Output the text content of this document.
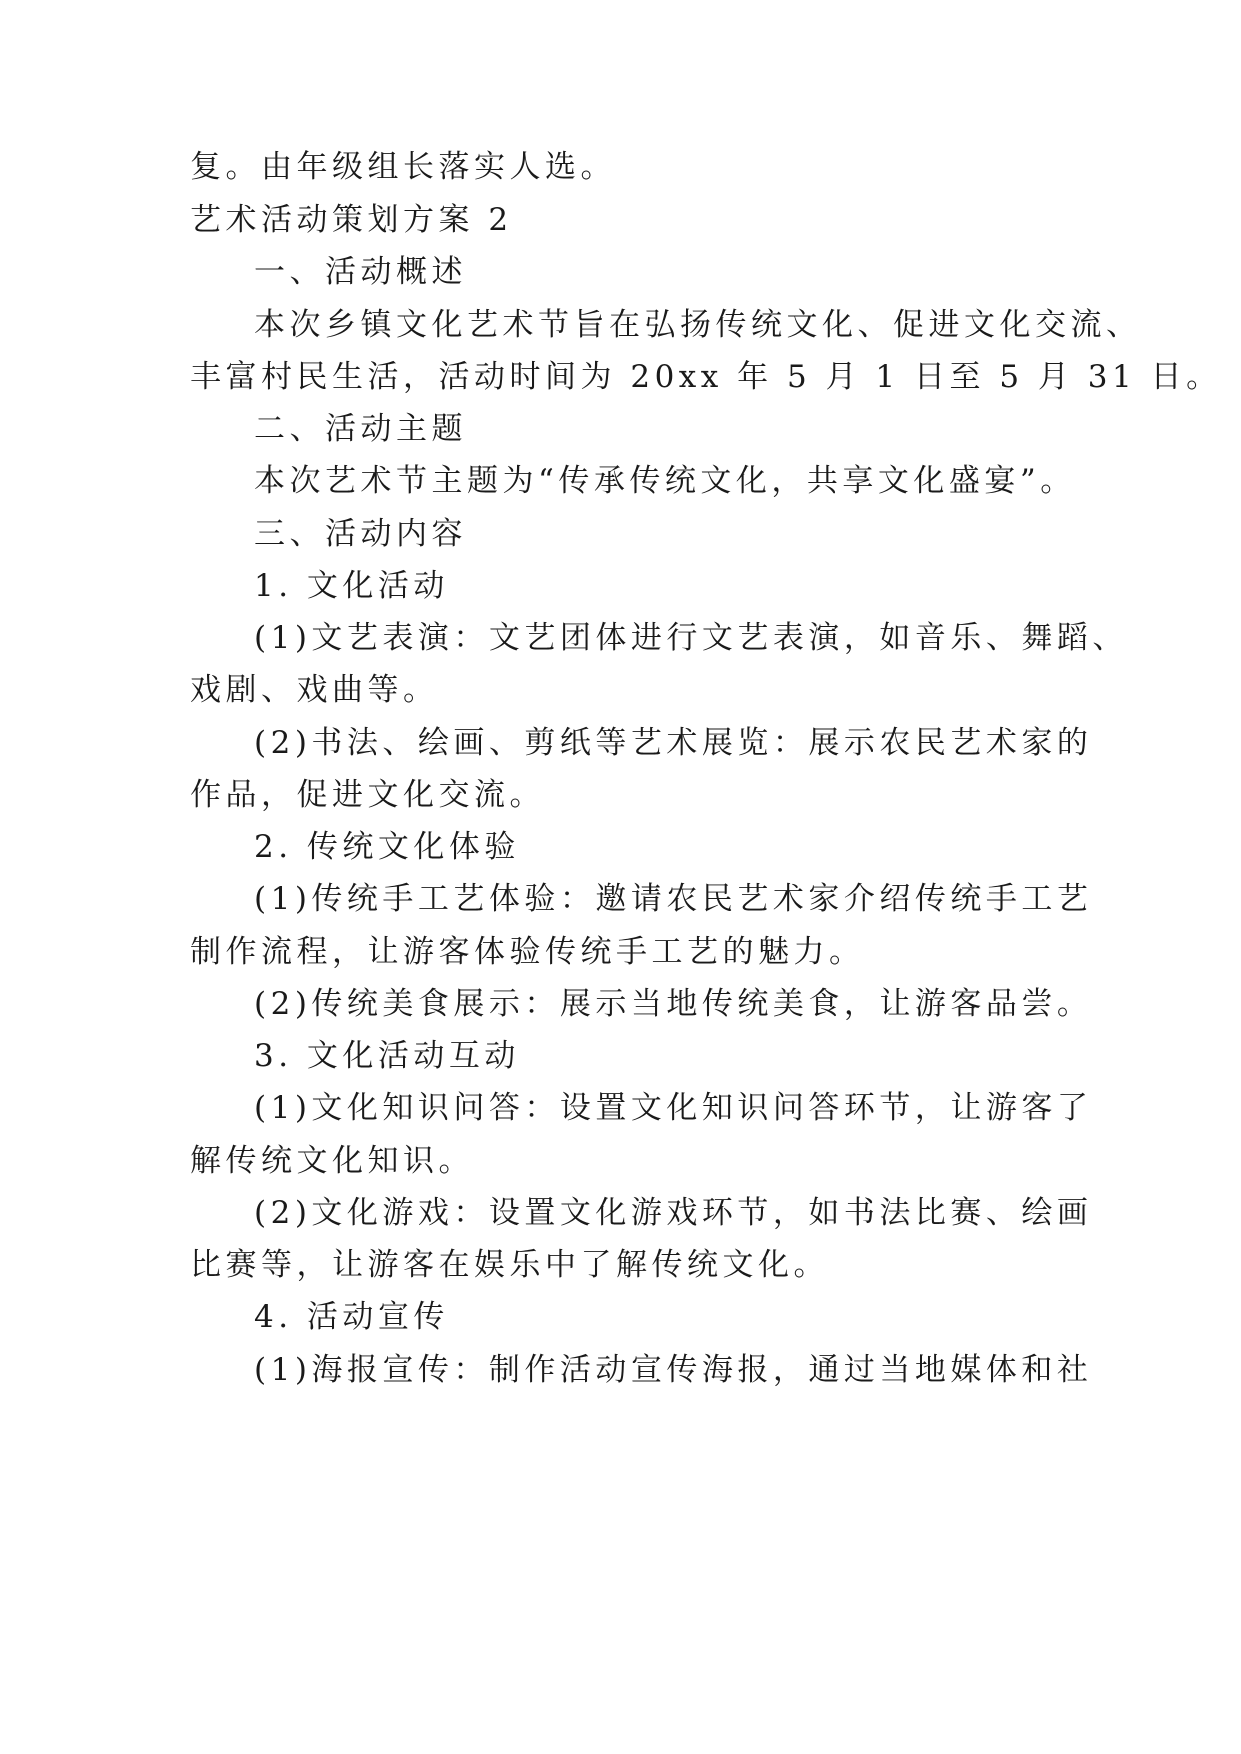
复。由年级组长落实人选。
艺术活动策划方案 2
一、活动概述
本次乡镇文化艺术节旨在弘扬传统文化、促进文化交流、
丰富村民生活，活动时间为 20xx 年 5 月 1 日至 5 月 31 日。
二、活动主题
本次艺术节主题为“传承传统文化，共享文化盛宴”。
三、活动内容
1. 文化活动
(1)文艺表演：文艺团体进行文艺表演，如音乐、舞蹈、
戏剧、戏曲等。
(2)书法、绘画、剪纸等艺术展览：展示农民艺术家的
作品，促进文化交流。
2. 传统文化体验
(1)传统手工艺体验：邀请农民艺术家介绍传统手工艺
制作流程，让游客体验传统手工艺的魅力。
(2)传统美食展示：展示当地传统美食，让游客品尝。
3. 文化活动互动
(1)文化知识问答：设置文化知识问答环节，让游客了
解传统文化知识。
(2)文化游戏：设置文化游戏环节，如书法比赛、绘画
比赛等，让游客在娱乐中了解传统文化。
4. 活动宣传
(1)海报宣传：制作活动宣传海报，通过当地媒体和社
